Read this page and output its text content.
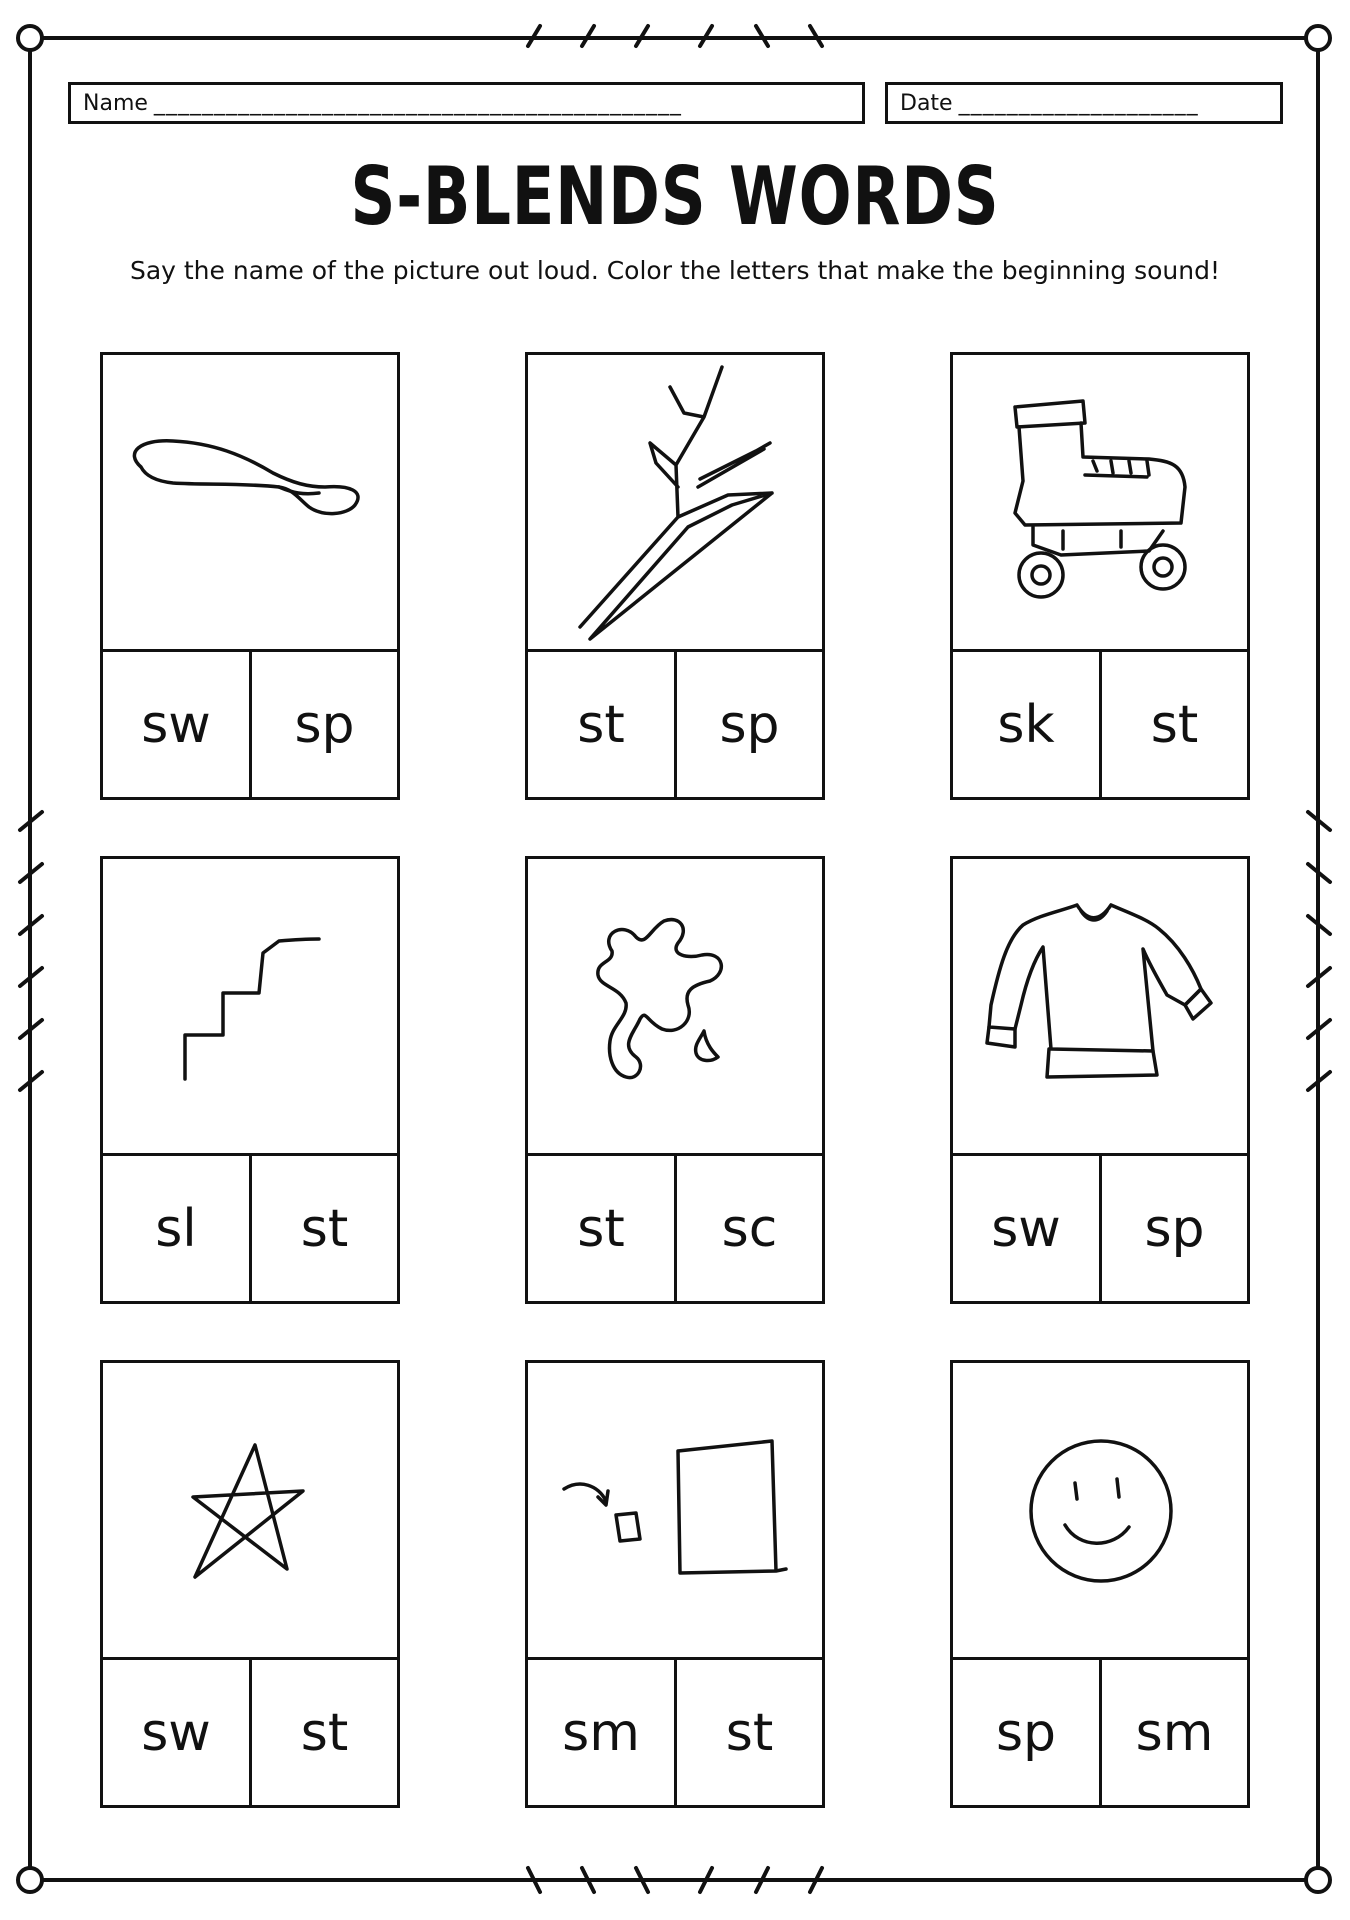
Name ____________________________________________	Date ____________________
S-BLENDS WORDS
Say the name of the picture out loud. Color the letters that make the beginning sound!
sw	sp	st	sp	sk	st
sl	st	st	sc	sw	sp
sw	st	sm	st	sp	sm
